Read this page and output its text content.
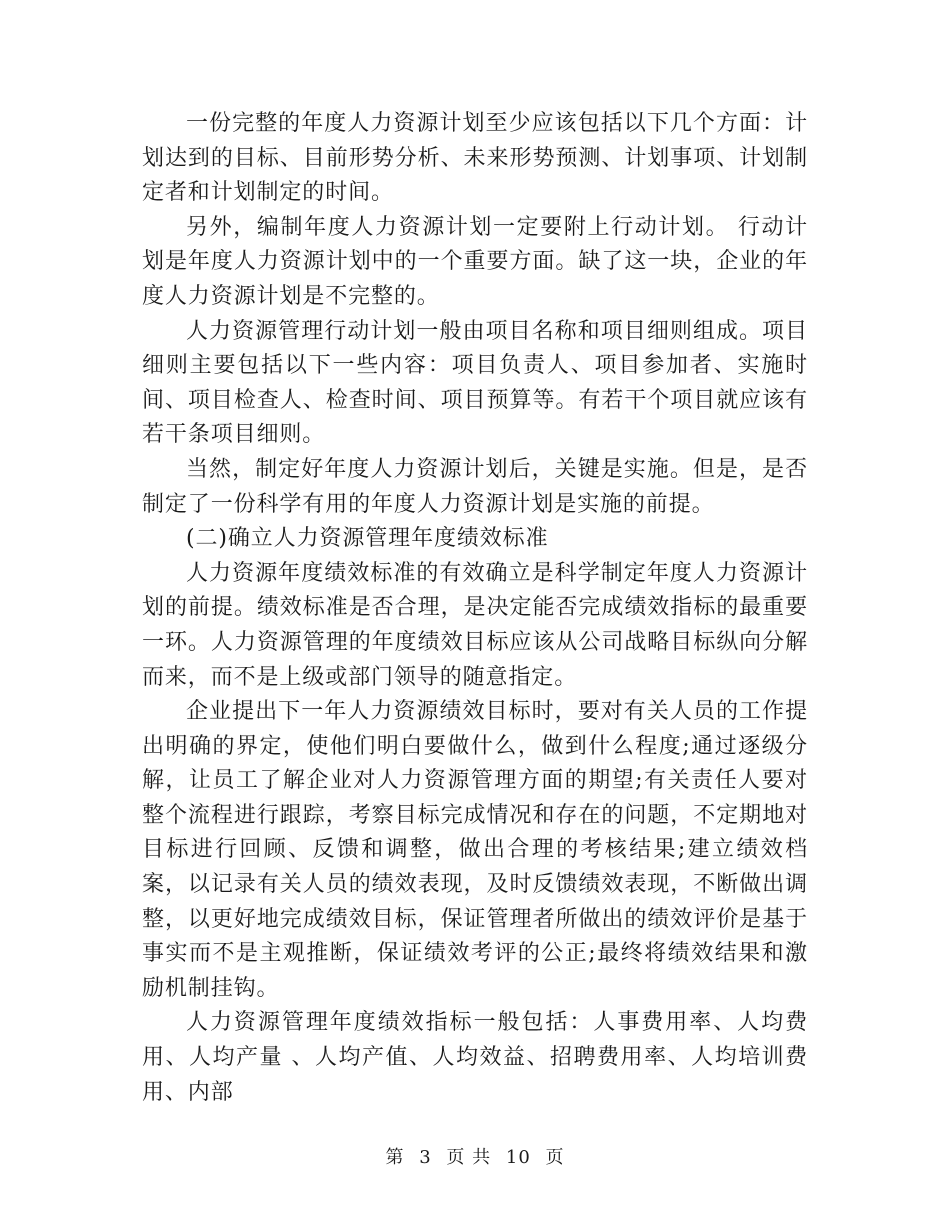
一份完整的年度人力资源计划至少应该包括以下几个方面：计划达到的目标、目前形势分析、未来形势预测、计划事项、计划制定者和计划制定的时间。

另外，编制年度人力资源计划一定要附上行动计划。 行动计划是年度人力资源计划中的一个重要方面。缺了这一块，企业的年度人力资源计划是不完整的。

人力资源管理行动计划一般由项目名称和项目细则组成。项目细则主要包括以下一些内容：项目负责人、项目参加者、实施时间、项目检查人、检查时间、项目预算等。有若干个项目就应该有若干条项目细则。

当然，制定好年度人力资源计划后，关键是实施。但是，是否制定了一份科学有用的年度人力资源计划是实施的前提。

(二)确立人力资源管理年度绩效标准

人力资源年度绩效标准的有效确立是科学制定年度人力资源计划的前提。绩效标准是否合理，是决定能否完成绩效指标的最重要一环。人力资源管理的年度绩效目标应该从公司战略目标纵向分解而来，而不是上级或部门领导的随意指定。

企业提出下一年人力资源绩效目标时，要对有关人员的工作提出明确的界定，使他们明白要做什么，做到什么程度;通过逐级分解，让员工了解企业对人力资源管理方面的期望;有关责任人要对整个流程进行跟踪，考察目标完成情况和存在的问题，不定期地对目标进行回顾、反馈和调整，做出合理的考核结果;建立绩效档案，以记录有关人员的绩效表现，及时反馈绩效表现，不断做出调整，以更好地完成绩效目标，保证管理者所做出的绩效评价是基于事实而不是主观推断，保证绩效考评的公正;最终将绩效结果和激励机制挂钩。

人力资源管理年度绩效指标一般包括：人事费用率、人均费用、人均产量 、人均产值、人均效益、招聘费用率、人均培训费用、内部

第 3 页 共 10 页
